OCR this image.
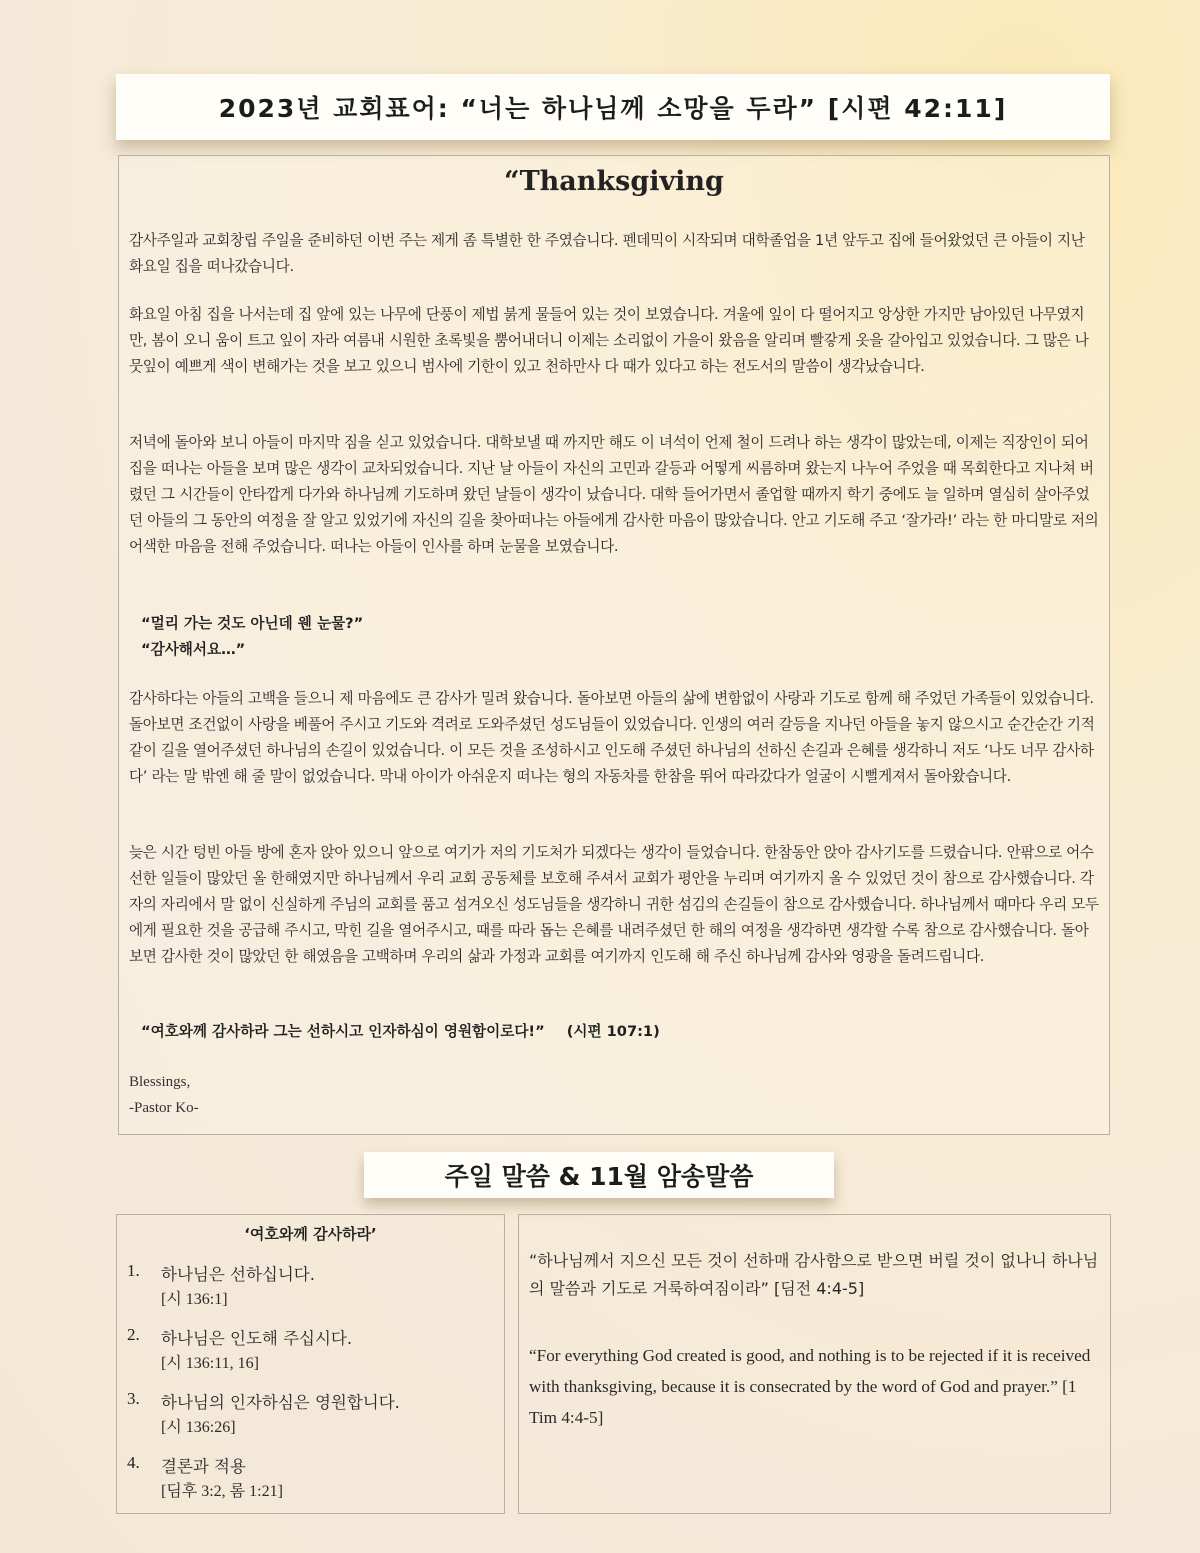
2023년 교회표어: “너는 하나님께 소망을 두라” [시편 42:11]
“Thanksgiving

감사주일과 교회창립 주일을 준비하던 이번 주는 제게 좀 특별한 한 주였습니다. 펜데믹이 시작되며 대학졸업을 1년 앞두고 집에 들어왔었던 큰 아들이 지난 화요일 집을 떠나갔습니다.

화요일 아침 집을 나서는데 집 앞에 있는 나무에 단풍이 제법 붉게 물들어 있는 것이 보였습니다. 겨울에 잎이 다 떨어지고 앙상한 가지만 남아있던 나무였지만, 봄이 오니 움이 트고 잎이 자라 여름내 시원한 초록빛을 뿜어내더니 이제는 소리없이 가을이 왔음을 알리며 빨갛게 옷을 갈아입고 있었습니다. 그 많은 나뭇잎이 예쁘게 색이 변해가는 것을 보고 있으니 범사에 기한이 있고 천하만사 다 때가 있다고 하는 전도서의 말씀이 생각났습니다.

저녁에 돌아와 보니 아들이 마지막 짐을 싣고 있었습니다. 대학보낼 때 까지만 해도 이 녀석이 언제 철이 드려나 하는 생각이 많았는데, 이제는 직장인이 되어 집을 떠나는 아들을 보며 많은 생각이 교차되었습니다. 지난 날 아들이 자신의 고민과 갈등과 어떻게 씨름하며 왔는지 나누어 주었을 때 목회한다고 지나쳐 버렸던 그 시간들이 안타깝게 다가와 하나님께 기도하며 왔던 날들이 생각이 났습니다. 대학 들어가면서 졸업할 때까지 학기 중에도 늘 일하며 열심히 살아주었던 아들의 그 동안의 여정을 잘 알고 있었기에 자신의 길을 찾아떠나는 아들에게 감사한 마음이 많았습니다. 안고 기도해 주고 ‘잘가라!’ 라는 한 마디말로 저의 어색한 마음을 전해 주었습니다. 떠나는 아들이 인사를 하며 눈물을 보였습니다.

“멀리 가는 것도 아닌데 웬 눈물?”
“감사해서요…”

감사하다는 아들의 고백을 들으니 제 마음에도 큰 감사가 밀려 왔습니다. 돌아보면 아들의 삶에 변함없이 사랑과 기도로 함께 해 주었던 가족들이 있었습니다. 돌아보면 조건없이 사랑을 베풀어 주시고 기도와 격려로 도와주셨던 성도님들이 있었습니다. 인생의 여러 갈등을 지나던 아들을 놓지 않으시고 순간순간 기적같이 길을 열어주셨던 하나님의 손길이 있었습니다. 이 모든 것을 조성하시고 인도해 주셨던 하나님의 선하신 손길과 은혜를 생각하니 저도 ‘나도 너무 감사하다’ 라는 말 밖엔 해 줄 말이 없었습니다. 막내 아이가 아쉬운지 떠나는 형의 자동차를 한참을 뛰어 따라갔다가 얼굴이 시뻘게져서 돌아왔습니다.

늦은 시간 텅빈 아들 방에 혼자 앉아 있으니 앞으로 여기가 저의 기도처가 되겠다는 생각이 들었습니다. 한참동안 앉아 감사기도를 드렸습니다. 안팎으로 어수선한 일들이 많았던 올 한해였지만 하나님께서 우리 교회 공동체를 보호해 주셔서 교회가 평안을 누리며 여기까지 올 수 있었던 것이 참으로 감사했습니다. 각자의 자리에서 말 없이 신실하게 주님의 교회를 품고 섬겨오신 성도님들을 생각하니 귀한 섬김의 손길들이 참으로 감사했습니다. 하나님께서 때마다 우리 모두에게 필요한 것을 공급해 주시고, 막힌 길을 열어주시고, 때를 따라 돕는 은혜를 내려주셨던 한 해의 여정을 생각하면 생각할 수록 참으로 감사했습니다. 돌아보면 감사한 것이 많았던 한 해였음을 고백하며 우리의 삶과 가정과 교회를 여기까지 인도해 해 주신 하나님께 감사와 영광을 돌려드립니다.

“여호와께 감사하라 그는 선하시고 인자하심이 영원함이로다!” (시편 107:1)
Blessings,
-Pastor Ko-
주일 말씀 & 11월 암송말씀
‘여호와께 감사하라’
1. 하나님은 선하십니다.
[시 136:1]
2. 하나님은 인도해 주십시다.
[시 136:11, 16]
3. 하나님의 인자하심은 영원합니다.
[시 136:26]
4. 결론과 적용
[딤후 3:2, 롬 1:21]

“하나님께서 지으신 모든 것이 선하매 감사함으로 받으면 버릴 것이 없나니 하나님의 말씀과 기도로 거룩하여짐이라” [딤전 4:4-5]

“For everything God created is good, and nothing is to be rejected if it is received with thanksgiving, because it is consecrated by the word of God and prayer.” [1 Tim 4:4-5]
